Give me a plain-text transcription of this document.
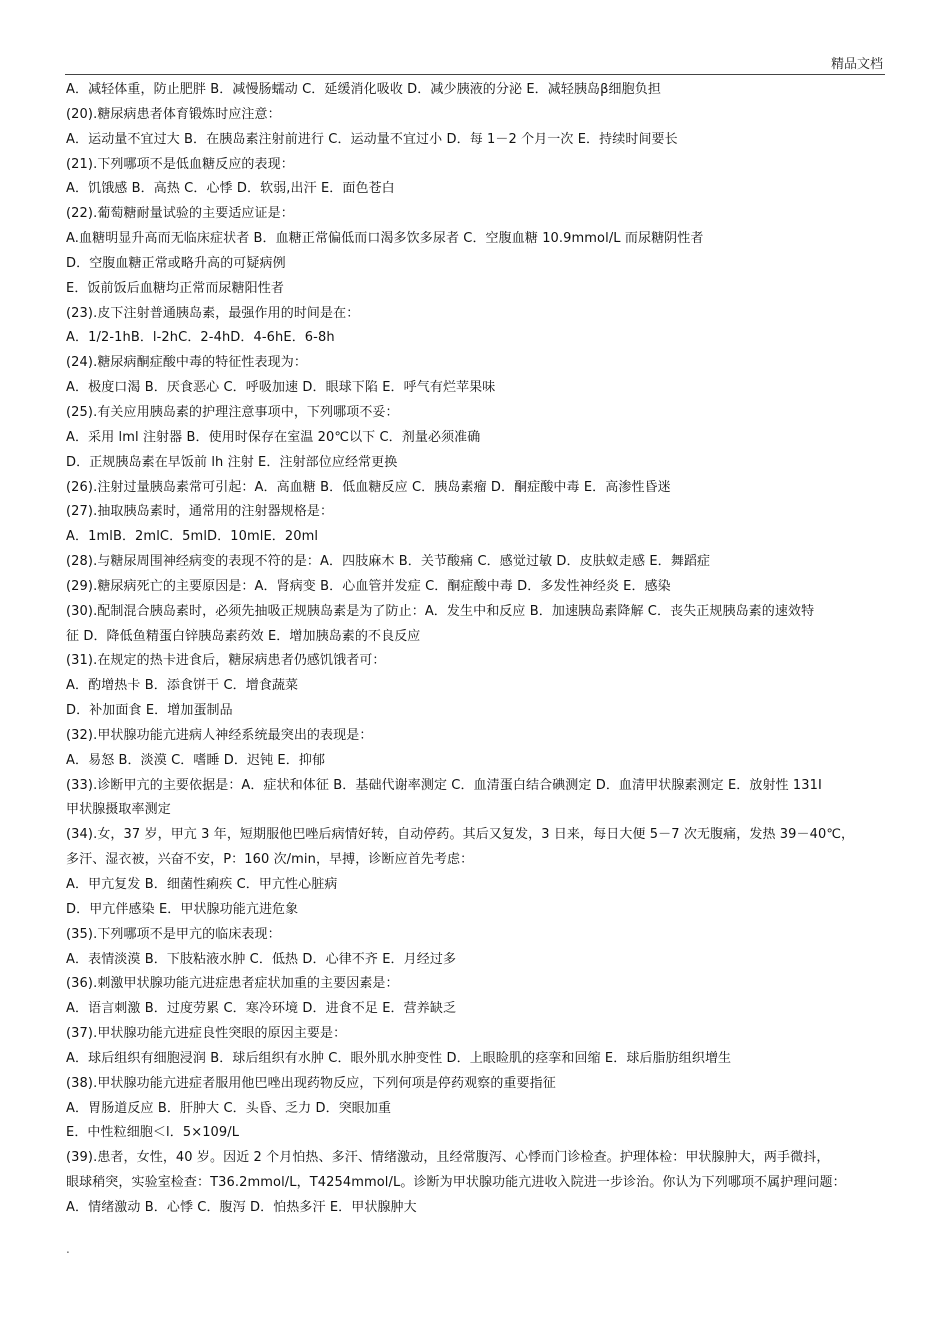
精品文档
A．减轻体重，防止肥胖 B．减慢肠蠕动 C．延缓消化吸收 D．减少胰液的分泌 E．减轻胰岛β细胞负担
(20).糖尿病患者体育锻炼时应注意：
A．运动量不宜过大 B．在胰岛素注射前进行 C．运动量不宜过小 D．每 1－2 个月一次 E．持续时间要长
(21).下列哪项不是低血糖反应的表现：
A．饥饿感 B．高热 C．心悸 D．软弱,出汗 E．面色苍白
(22).葡萄糖耐量试验的主要适应证是：
A.血糖明显升高而无临床症状者 B．血糖正常偏低而口渴多饮多尿者 C．空腹血糖 10.9mmol/L 而尿糖阴性者
D．空腹血糖正常或略升高的可疑病例
E．饭前饭后血糖均正常而尿糖阳性者
(23).皮下注射普通胰岛素，最强作用的时间是在：
A．1/2-1hB．l-2hC．2-4hD．4-6hE．6-8h
(24).糖尿病酮症酸中毒的特征性表现为：
A．极度口渴 B．厌食恶心 C．呼吸加速 D．眼球下陷 E．呼气有烂苹果味
(25).有关应用胰岛素的护理注意事项中，下列哪项不妥：
A．采用 lml 注射器 B．使用时保存在室温 20℃以下 C．剂量必须准确
D．正规胰岛素在早饭前 lh 注射 E．注射部位应经常更换
(26).注射过量胰岛素常可引起：A．高血糖 B．低血糖反应 C．胰岛素瘤 D．酮症酸中毒 E．高渗性昏迷
(27).抽取胰岛素时，通常用的注射器规格是：
A．1mlB．2mlC．5mlD．10mlE．20ml
(28).与糖尿周围神经病变的表现不符的是：A．四肢麻木 B．关节酸痛 C．感觉过敏 D．皮肤蚁走感 E．舞蹈症
(29).糖尿病死亡的主要原因是：A．肾病变 B．心血管并发症 C．酮症酸中毒 D．多发性神经炎 E．感染
(30).配制混合胰岛素时，必须先抽吸正规胰岛素是为了防止：A．发生中和反应 B．加速胰岛素降解 C．丧失正规胰岛素的速效特
征 D．降低鱼精蛋白锌胰岛素药效 E．增加胰岛素的不良反应
(31).在规定的热卡进食后，糖尿病患者仍感饥饿者可：
A．酌增热卡 B．添食饼干 C．增食蔬菜
D．补加面食 E．增加蛋制品
(32).甲状腺功能亢进病人神经系统最突出的表现是：
A．易怒 B．淡漠 C．嗜睡 D．迟钝 E．抑郁
(33).诊断甲亢的主要依据是：A．症状和体征 B．基础代谢率测定 C．血清蛋白结合碘测定 D．血清甲状腺素测定 E．放射性 131I
甲状腺摄取率测定
(34).女，37 岁，甲亢 3 年，短期服他巴唑后病情好转，自动停药。其后又复发，3 日来，每日大便 5－7 次无腹痛，发热 39－40℃，
多汗、湿衣被，兴奋不安，P：160 次/min，早搏，诊断应首先考虑：
A．甲亢复发 B．细菌性痢疾 C．甲亢性心脏病
D．甲亢伴感染 E．甲状腺功能亢进危象
(35).下列哪项不是甲亢的临床表现：
A．表情淡漠 B．下肢粘液水肿 C．低热 D．心律不齐 E．月经过多
(36).刺激甲状腺功能亢进症患者症状加重的主要因素是：
A．语言刺激 B．过度劳累 C．寒冷环境 D．进食不足 E．营养缺乏
(37).甲状腺功能亢进症良性突眼的原因主要是：
A．球后组织有细胞浸润 B．球后组织有水肿 C．眼外肌水肿变性 D．上眼睑肌的痉挛和回缩 E．球后脂肪组织增生
(38).甲状腺功能亢进症者服用他巴唑出现药物反应，下列何项是停药观察的重要指征
A．胃肠道反应 B．肝肿大 C．头昏、乏力 D．突眼加重
E．中性粒细胞＜l．5×109/L
(39).患者，女性，40 岁。因近 2 个月怕热、多汗、情绪激动，且经常腹泻、心悸而门诊检查。护理体检：甲状腺肿大，两手微抖，
眼球稍突，实验室检查：T36.2mmol/L，T4254mmol/L。诊断为甲状腺功能亢进收入院进一步诊治。你认为下列哪项不属护理问题：
A．情绪激动 B．心悸 C．腹泻 D．怕热多汗 E．甲状腺肿大
.
